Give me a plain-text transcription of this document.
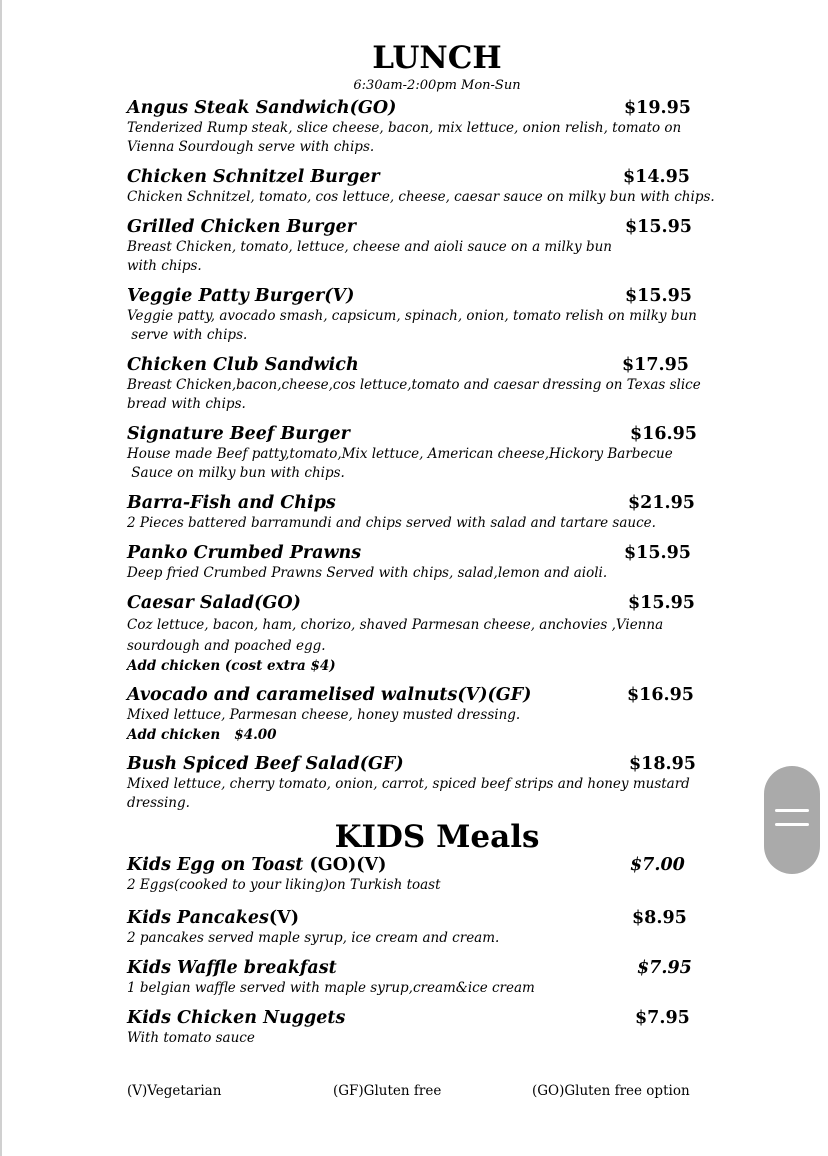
LUNCH
6:30am-2:00pm Mon-Sun
Angus Steak Sandwich(GO)	$19.95
Tenderized Rump steak, slice cheese, bacon, mix lettuce, onion relish, tomato on
Vienna Sourdough serve with chips.
Chicken Schnitzel Burger	$14.95
Chicken Schnitzel, tomato, cos lettuce, cheese, caesar sauce on milky bun with chips.
Grilled Chicken Burger	$15.95
Breast Chicken, tomato, lettuce, cheese and aioli sauce on a milky bun
with chips.
Veggie Patty Burger(V)	$15.95
Veggie patty, avocado smash, capsicum, spinach, onion, tomato relish on milky bun
serve with chips.
Chicken Club Sandwich	$17.95
Breast Chicken,bacon,cheese,cos lettuce,tomato and caesar dressing on Texas slice
bread with chips.
Signature Beef Burger	$16.95
House made Beef patty,tomato,Mix lettuce, American cheese,Hickory Barbecue
Sauce on milky bun with chips.
Barra-Fish and Chips	$21.95
2 Pieces battered barramundi and chips served with salad and tartare sauce.
Panko Crumbed Prawns	$15.95
Deep fried Crumbed Prawns Served with chips, salad,lemon and aioli.
Caesar Salad(GO)	$15.95
Coz lettuce, bacon, ham, chorizo, shaved Parmesan cheese, anchovies ,Vienna
sourdough and poached egg.
Add chicken (cost extra $4)
Avocado and caramelised walnuts(V)(GF)	$16.95
Mixed lettuce, Parmesan cheese, honey musted dressing.
Add chicken   $4.00
Bush Spiced Beef Salad(GF)	$18.95
Mixed lettuce, cherry tomato, onion, carrot, spiced beef strips and honey mustard
dressing.
KIDS Meals
Kids Egg on Toast (GO)(V)	$7.00
2 Eggs(cooked to your liking)on Turkish toast
Kids Pancakes(V)	$8.95
2 pancakes served maple syrup, ice cream and cream.
Kids Waffle breakfast	$7.95
1 belgian waffle served with maple syrup,cream&ice cream
Kids Chicken Nuggets	$7.95
With tomato sauce
(V)Vegetarian	(GF)Gluten free	(GO)Gluten free option
